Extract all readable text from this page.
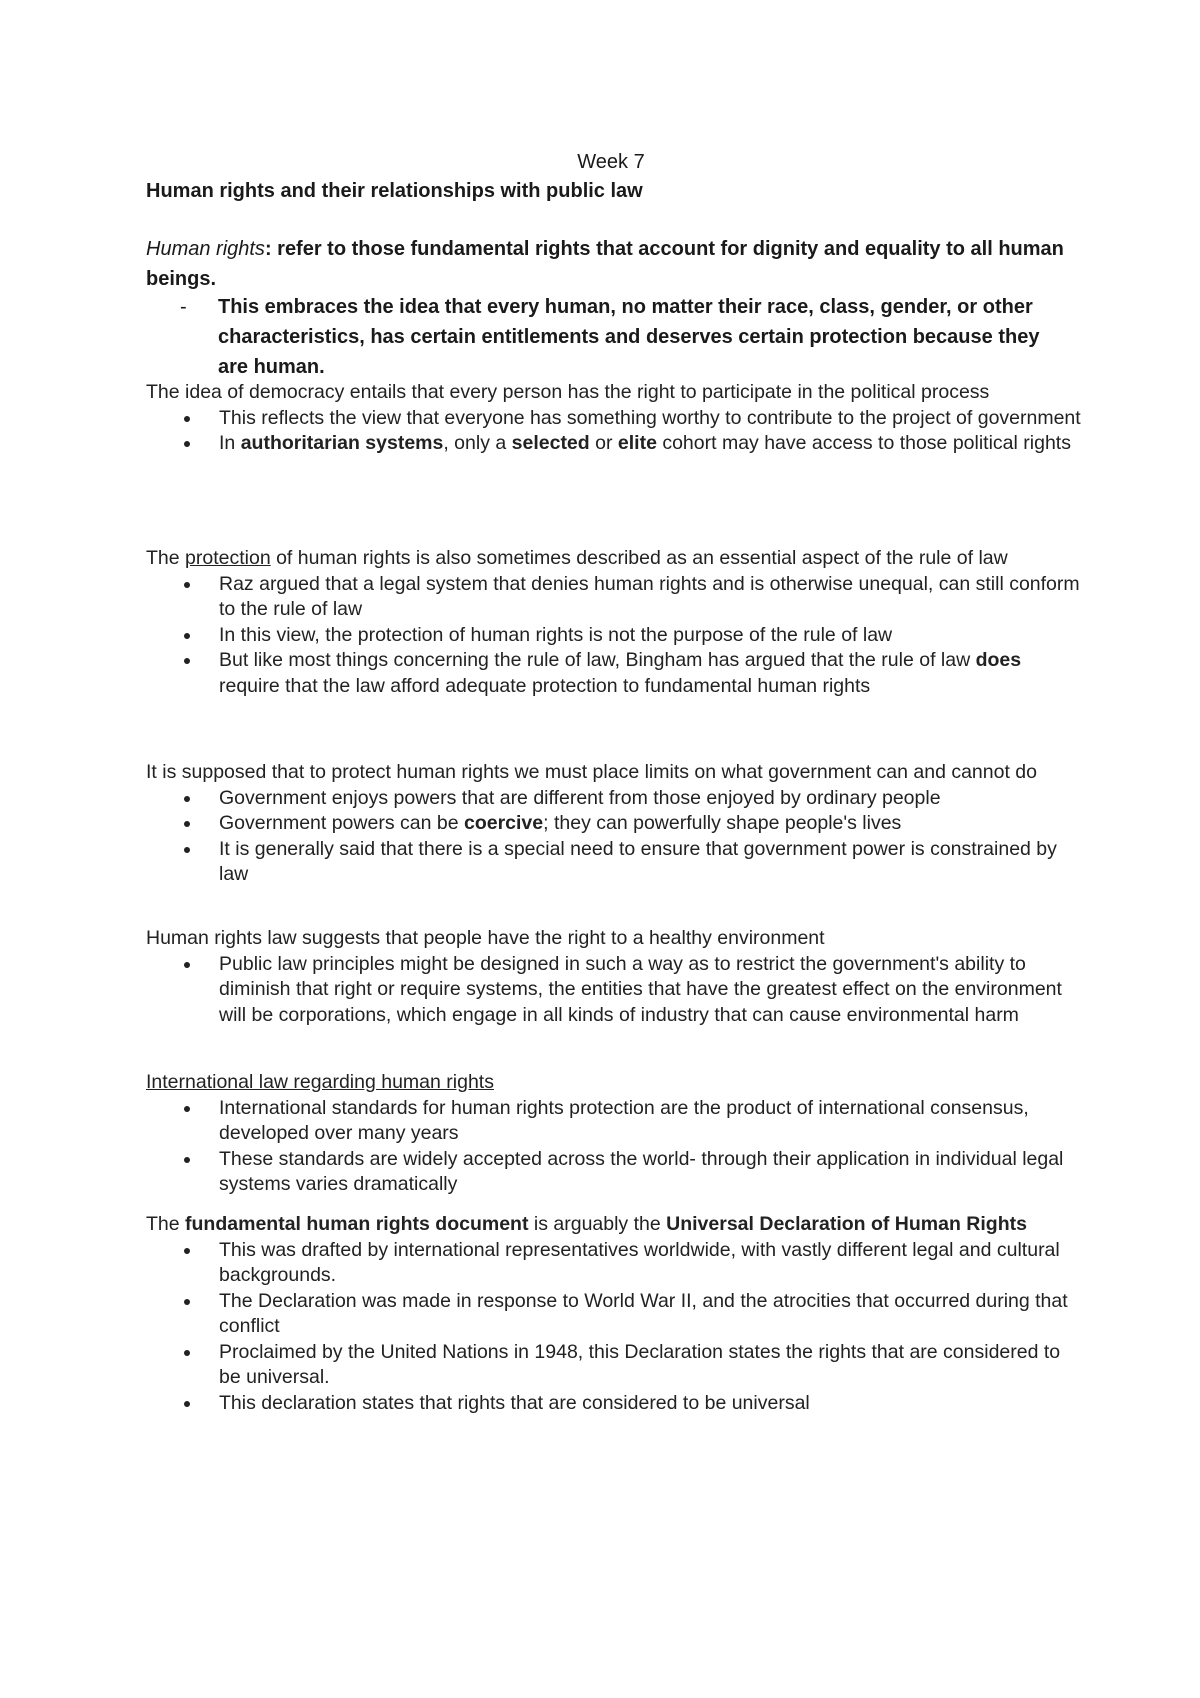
Week 7
Human rights and their relationships with public law
Human rights: refer to those fundamental rights that account for dignity and equality to all human beings.
- This embraces the idea that every human, no matter their race, class, gender, or other characteristics, has certain entitlements and deserves certain protection because they are human.
The idea of democracy entails that every person has the right to participate in the political process
This reflects the view that everyone has something worthy to contribute to the project of government
In authoritarian systems, only a selected or elite cohort may have access to those political rights
The protection of human rights is also sometimes described as an essential aspect of the rule of law
Raz argued that a legal system that denies human rights and is otherwise unequal, can still conform to the rule of law
In this view, the protection of human rights is not the purpose of the rule of law
But like most things concerning the rule of law, Bingham has argued that the rule of law does require that the law afford adequate protection to fundamental human rights
It is supposed that to protect human rights we must place limits on what government can and cannot do
Government enjoys powers that are different from those enjoyed by ordinary people
Government powers can be coercive; they can powerfully shape people's lives
It is generally said that there is a special need to ensure that government power is constrained by law
Human rights law suggests that people have the right to a healthy environment
Public law principles might be designed in such a way as to restrict the government's ability to diminish that right or require systems, the entities that have the greatest effect on the environment will be corporations, which engage in all kinds of industry that can cause environmental harm
International law regarding human rights
International standards for human rights protection are the product of international consensus, developed over many years
These standards are widely accepted across the world- through their application in individual legal systems varies dramatically
The fundamental human rights document is arguably the Universal Declaration of Human Rights
This was drafted by international representatives worldwide, with vastly different legal and cultural backgrounds.
The Declaration was made in response to World War II, and the atrocities that occurred during that conflict
Proclaimed by the United Nations in 1948, this Declaration states the rights that are considered to be universal.
This declaration states that rights that are considered to be universal
